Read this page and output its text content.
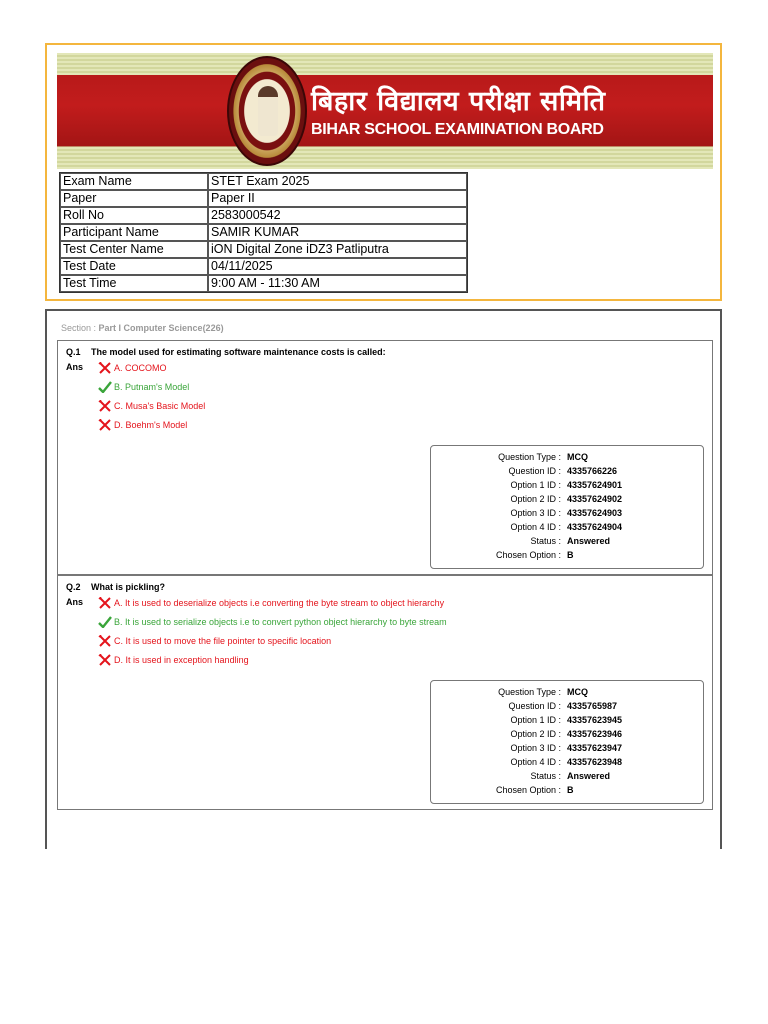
बिहार विद्यालय परीक्षा समिति
BIHAR SCHOOL EXAMINATION BOARD
Exam Name	STET Exam 2025
Paper	Paper II
Roll No	2583000542
Participant Name	SAMIR KUMAR
Test Center Name	iON Digital Zone iDZ3 Patliputra
Test Date	04/11/2025
Test Time	9:00 AM - 11:30 AM
Section : Part I Computer Science(226)
Q.1 The model used for estimating software maintenance costs is called:
Ans	A. COCOMO
B. Putnam's Model
C. Musa's Basic Model
D. Boehm's Model
Question Type : MCQ
Question ID : 4335766226
Option 1 ID : 43357624901
Option 2 ID : 43357624902
Option 3 ID : 43357624903
Option 4 ID : 43357624904
Status : Answered
Chosen Option : B
Q.2 What is pickling?
Ans	A. It is used to deserialize objects i.e converting the byte stream to object hierarchy
B. It is used to serialize objects i.e to convert python object hierarchy to byte stream
C. It is used to move the file pointer to specific location
D. It is used in exception handling
Question Type : MCQ
Question ID : 4335765987
Option 1 ID : 43357623945
Option 2 ID : 43357623946
Option 3 ID : 43357623947
Option 4 ID : 43357623948
Status : Answered
Chosen Option : B
